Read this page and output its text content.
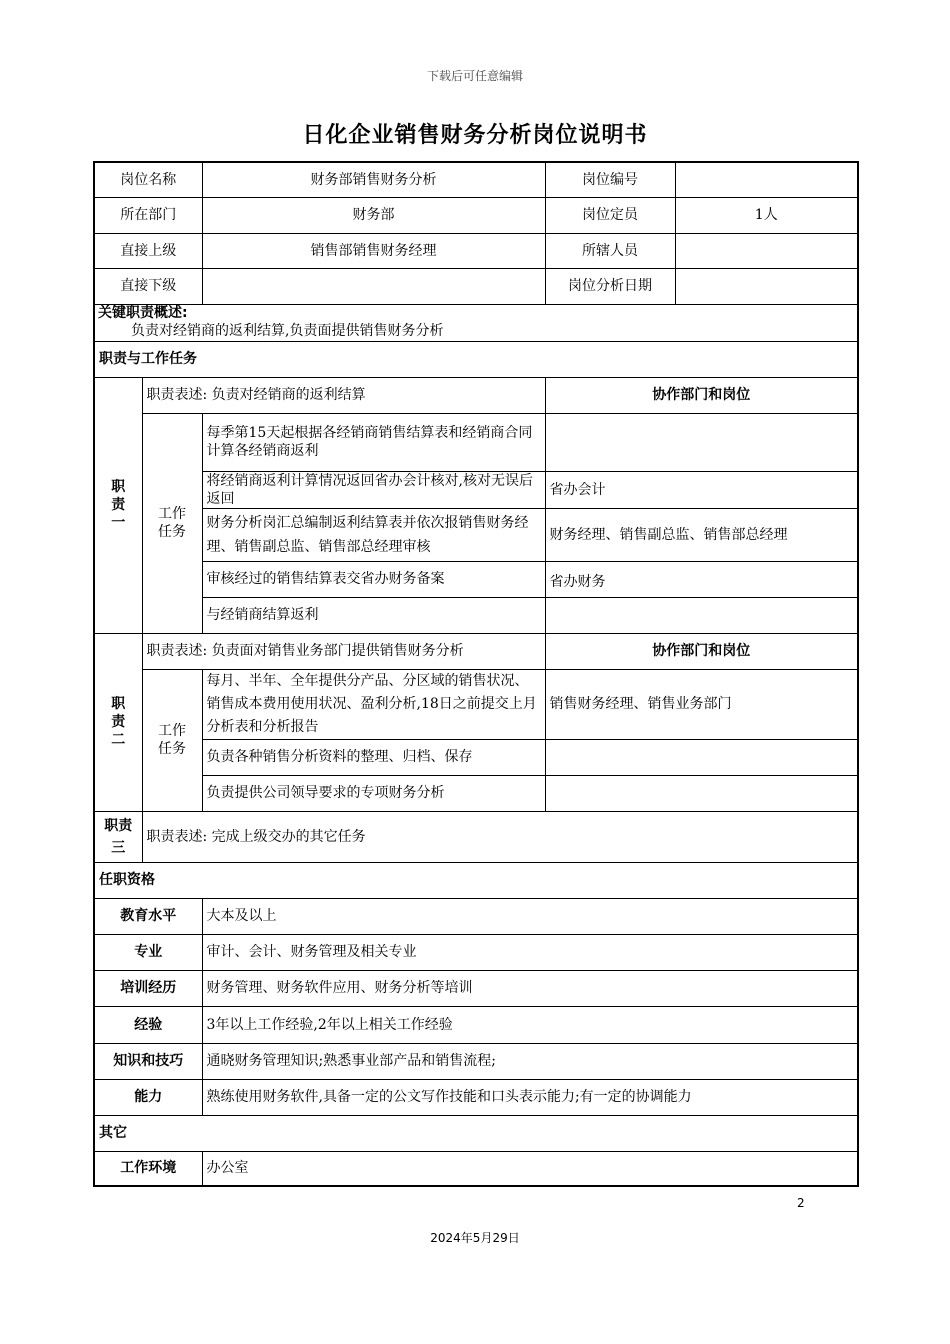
下载后可任意编辑
日化企业销售财务分析岗位说明书
岗位名称		财务部销售财务分析	岗位编号	
所在部门		财务部	岗位定员	1人
直接上级		销售部销售财务经理	所辖人员	
直接下级			岗位分析日期	

关键职责概述:
负责对经销商的返利结算,负责面提供销售财务分析				

职责与工作任务				
职责一	职责表述: 负责对经销商的返利结算		协作部门和岗位	
	工作任务	每季第15天起根据各经销商销售结算表和经销商合同计算各经销商返利		
		将经销商返利计算情况返回省办会计核对,核对无误后返回	省办会计	
		财务分析岗汇总编制返利结算表并依次报销售财务经理、销售副总监、销售部总经理审核	财务经理、销售副总监、销售部总经理	
		审核经过的销售结算表交省办财务备案	省办财务	
		与经销商结算返利		
职责二	职责表述: 负责面对销售业务部门提供销售财务分析		协作部门和岗位	
	工作任务	每月、半年、全年提供分产品、分区域的销售状况、销售成本费用使用状况、盈利分析,18日之前提交上月分析表和分析报告	销售财务经理、销售业务部门	
		负责各种销售分析资料的整理、归档、保存		
		负责提供公司领导要求的专项财务分析		
职责三	职责表述: 完成上级交办的其它任务			
任职资格				
教育水平		大本及以上		
专业		审计、会计、财务管理及相关专业		
培训经历		财务管理、财务软件应用、财务分析等培训		
经验		3年以上工作经验,2年以上相关工作经验		
知识和技巧		通晓财务管理知识;熟悉事业部产品和销售流程;		
能力		熟练使用财务软件,具备一定的公文写作技能和口头表示能力;有一定的协调能力		
其它				
工作环境		办公室		
2
2024年5月29日
